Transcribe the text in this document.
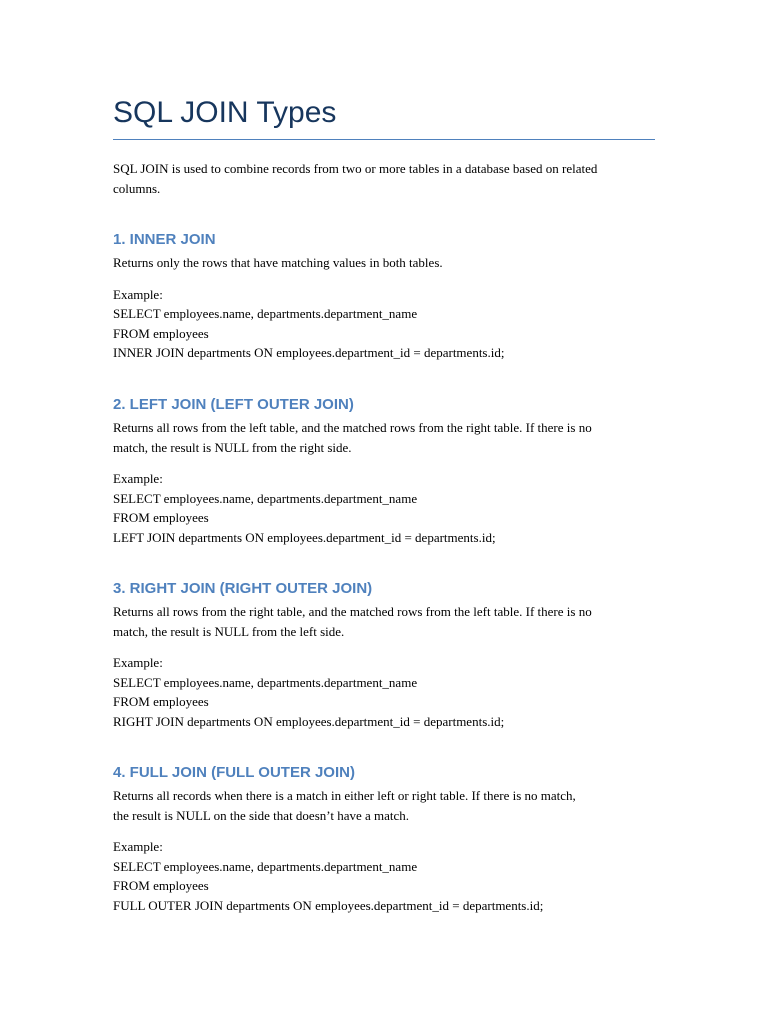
SQL JOIN Types
SQL JOIN is used to combine records from two or more tables in a database based on related
columns.
1. INNER JOIN
Returns only the rows that have matching values in both tables.
Example:
SELECT employees.name, departments.department_name
FROM employees
INNER JOIN departments ON employees.department_id = departments.id;
2. LEFT JOIN (LEFT OUTER JOIN)
Returns all rows from the left table, and the matched rows from the right table. If there is no
match, the result is NULL from the right side.
Example:
SELECT employees.name, departments.department_name
FROM employees
LEFT JOIN departments ON employees.department_id = departments.id;
3. RIGHT JOIN (RIGHT OUTER JOIN)
Returns all rows from the right table, and the matched rows from the left table. If there is no
match, the result is NULL from the left side.
Example:
SELECT employees.name, departments.department_name
FROM employees
RIGHT JOIN departments ON employees.department_id = departments.id;
4. FULL JOIN (FULL OUTER JOIN)
Returns all records when there is a match in either left or right table. If there is no match,
the result is NULL on the side that doesn’t have a match.
Example:
SELECT employees.name, departments.department_name
FROM employees
FULL OUTER JOIN departments ON employees.department_id = departments.id;
